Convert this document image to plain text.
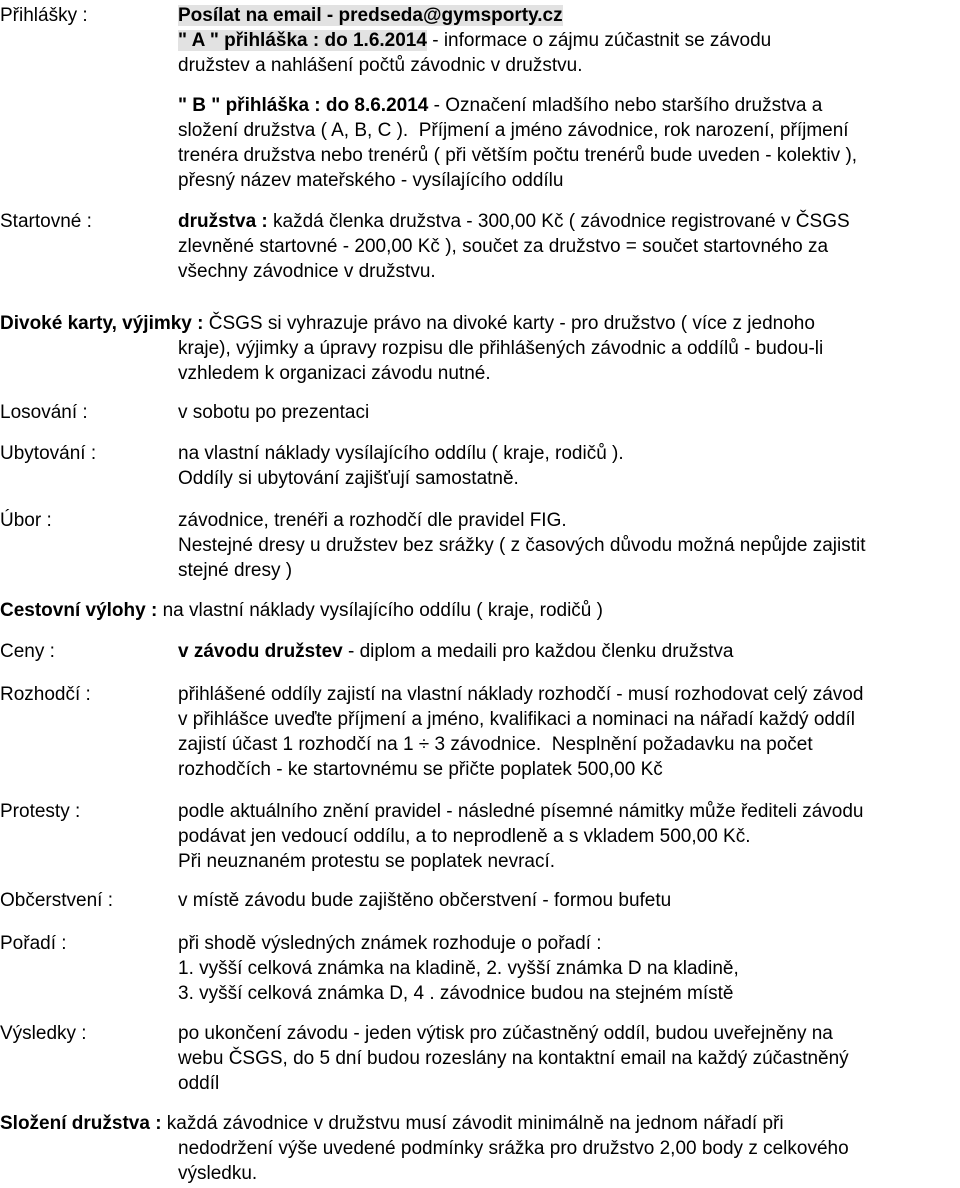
Přihlášky :	Posílat na email - predseda@gymsporty.cz
" A " přihláška : do 1.6.2014 - informace o zájmu zúčastnit se závodu
družstev a nahlášení počtů závodnic v družstvu.
" B " přihláška : do 8.6.2014 - Označení mladšího nebo staršího družstva a
složení družstva ( A, B, C ).  Příjmení a jméno závodnice, rok narození, příjmení
trenéra družstva nebo trenérů ( při větším počtu trenérů bude uveden - kolektiv ),
přesný název mateřského - vysílajícího oddílu
Startovné :	družstva : každá členka družstva - 300,00 Kč ( závodnice registrované v ČSGS
zlevněné startovné - 200,00 Kč ), součet za družstvo = součet startovného za
všechny závodnice v družstvu.
Divoké karty, výjimky : ČSGS si vyhrazuje právo na divoké karty - pro družstvo ( více z jednoho
kraje), výjimky a úpravy rozpisu dle přihlášených závodnic a oddílů - budou-li
vzhledem k organizaci závodu nutné.
Losování :	v sobotu po prezentaci
Ubytování :	na vlastní náklady vysílajícího oddílu ( kraje, rodičů ).
Oddíly si ubytování zajišťují samostatně.
Úbor :	závodnice, trenéři a rozhodčí dle pravidel FIG.
Nestejné dresy u družstev bez srážky ( z časových důvodu možná nepůjde zajistit
stejné dresy )
Cestovní výlohy : na vlastní náklady vysílajícího oddílu ( kraje, rodičů )
Ceny :	v závodu družstev - diplom a medaili pro každou členku družstva
Rozhodčí :	přihlášené oddíly zajistí na vlastní náklady rozhodčí - musí rozhodovat celý závod
v přihlášce uveďte příjmení a jméno, kvalifikaci a nominaci na nářadí každý oddíl
zajistí účast 1 rozhodčí na 1 ÷ 3 závodnice.  Nesplnění požadavku na počet
rozhodčích - ke startovnému se přičte poplatek 500,00 Kč
Protesty :	podle aktuálního znění pravidel - následné písemné námitky může řediteli závodu
podávat jen vedoucí oddílu, a to neprodleně a s vkladem 500,00 Kč.
Při neuznaném protestu se poplatek nevrací.
Občerstvení :	v místě závodu bude zajištěno občerstvení - formou bufetu
Pořadí :	při shodě výsledných známek rozhoduje o pořadí :
1. vyšší celková známka na kladině, 2. vyšší známka D na kladině,
3. vyšší celková známka D, 4 . závodnice budou na stejném místě
Výsledky :	po ukončení závodu - jeden výtisk pro zúčastněný oddíl, budou uveřejněny na
webu ČSGS, do 5 dní budou rozeslány na kontaktní email na každý zúčastněný
oddíl
Složení družstva : každá závodnice v družstvu musí závodit minimálně na jednom nářadí při
nedodržení výše uvedené podmínky srážka pro družstvo 2,00 body z celkového
výsledku.
